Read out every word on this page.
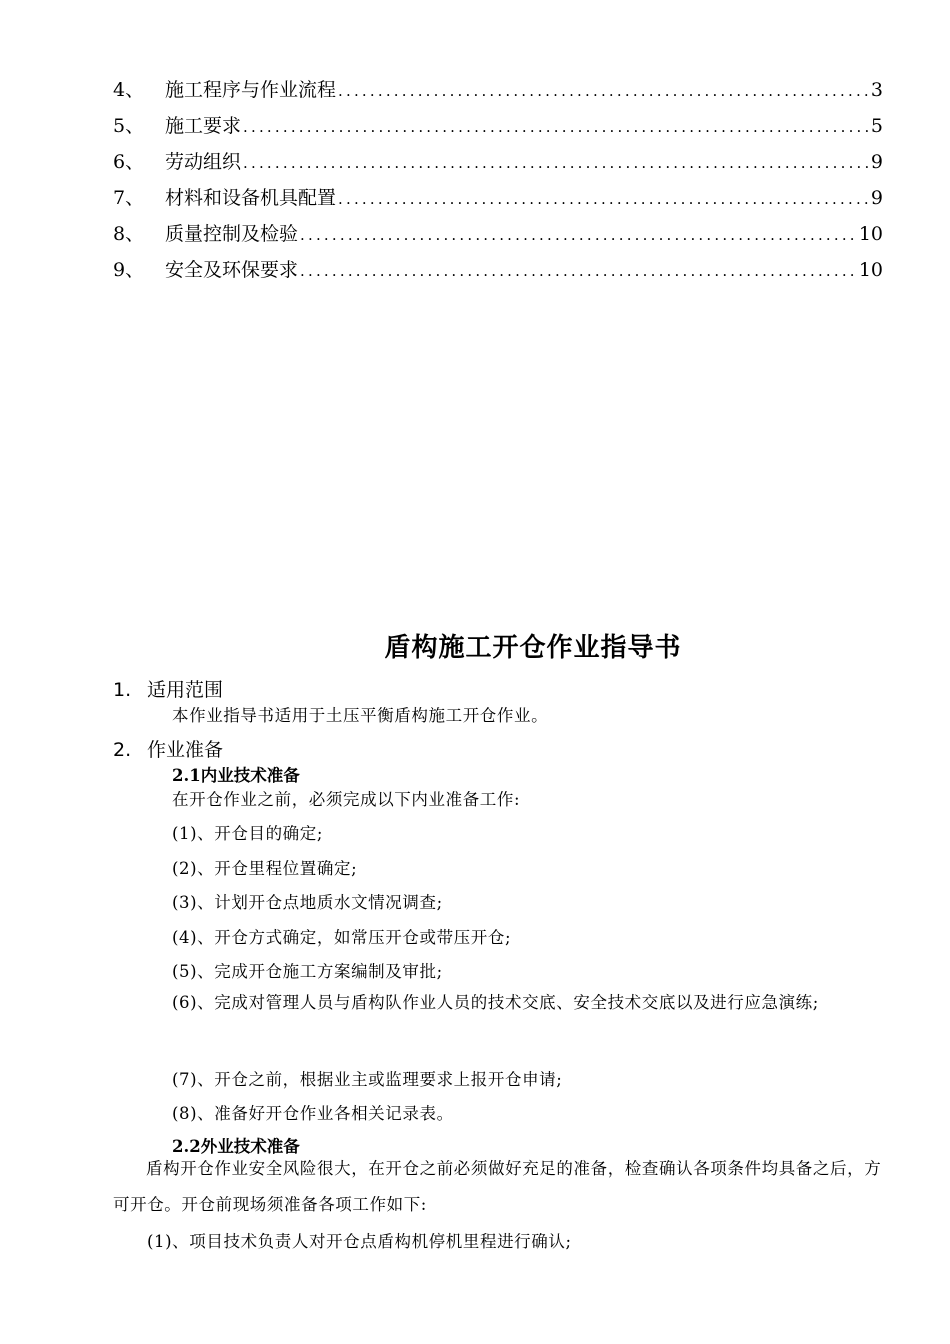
4、	施工程序与作业流程 .....	3
5、	施工要求 .....	5
6、	劳动组织 .....	9
7、	材料和设备机具配置 .....	9
8、	质量控制及检验 .....	10
9、	安全及环保要求 .....	10
盾构施工开仓作业指导书
1. 适用范围
本作业指导书适用于土压平衡盾构施工开仓作业。
2. 作业准备
2.1内业技术准备
在开仓作业之前，必须完成以下内业准备工作:
(1)、开仓目的确定;
(2)、开仓里程位置确定;
(3)、计划开仓点地质水文情况调查;
(4)、开仓方式确定，如常压开仓或带压开仓;
(5)、完成开仓施工方案编制及审批;
(6)、完成对管理人员与盾构队作业人员的技术交底、安全技术交底以及进行应急演练;
(7)、开仓之前，根据业主或监理要求上报开仓申请;
(8)、准备好开仓作业各相关记录表。
2.2外业技术准备
盾构开仓作业安全风险很大，在开仓之前必须做好充足的准备，检查确认各项条件均具备之后，方可开仓。开仓前现场须准备各项工作如下:
(1)、项目技术负责人对开仓点盾构机停机里程进行确认;
